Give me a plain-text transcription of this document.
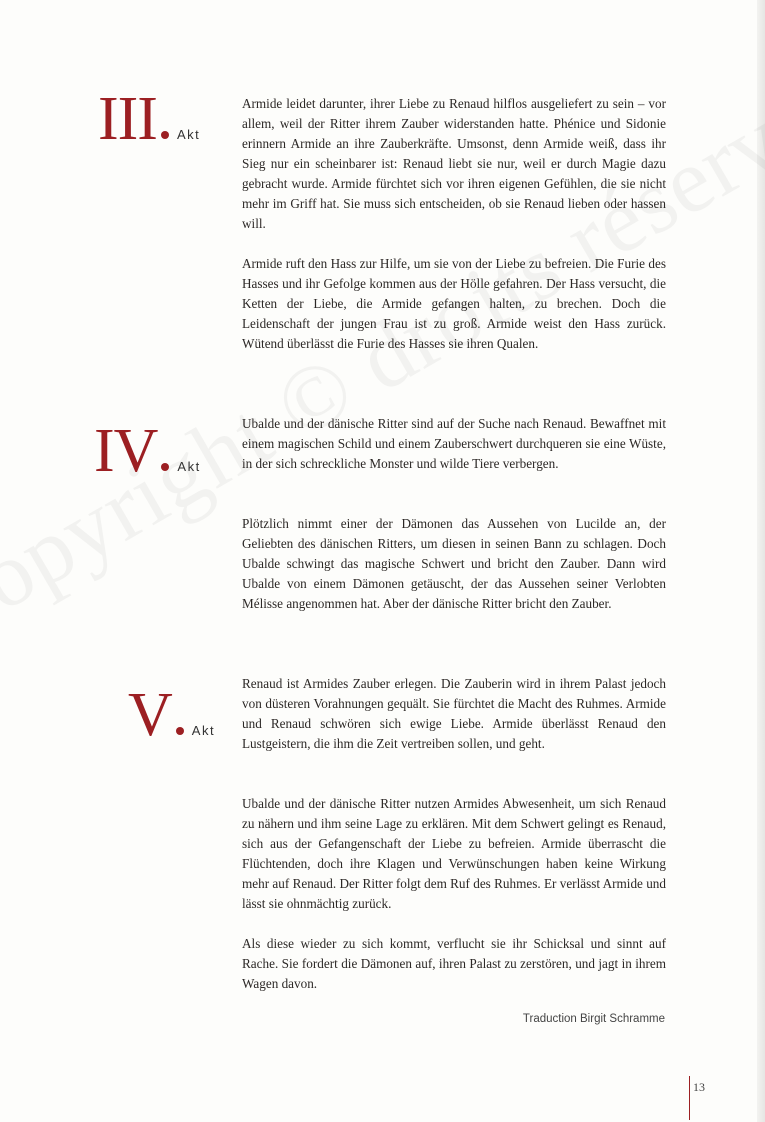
III Akt

Armide leidet darunter, ihrer Liebe zu Renaud hilflos ausgeliefert zu sein – vor allem, weil der Ritter ihrem Zauber widerstanden hatte. Phénice und Sidonie erinnern Armide an ihre Zauberkräfte. Umsonst, denn Armide weiß, dass ihr Sieg nur ein scheinbarer ist: Renaud liebt sie nur, weil er durch Magie dazu gebracht wurde. Armide fürchtet sich vor ihren eigenen Gefühlen, die sie nicht mehr im Griff hat. Sie muss sich entscheiden, ob sie Renaud lieben oder hassen will.

Armide ruft den Hass zur Hilfe, um sie von der Liebe zu befreien. Die Furie des Hasses und ihr Gefolge kommen aus der Hölle gefahren. Der Hass versucht, die Ketten der Liebe, die Armide gefangen halten, zu brechen. Doch die Leidenschaft der jungen Frau ist zu groß. Armide weist den Hass zurück. Wütend überlässt die Furie des Hasses sie ihren Qualen.

IV Akt

Ubalde und der dänische Ritter sind auf der Suche nach Renaud. Bewaffnet mit einem magischen Schild und einem Zauberschwert durchqueren sie eine Wüste, in der sich schreckliche Monster und wilde Tiere verbergen.

Plötzlich nimmt einer der Dämonen das Aussehen von Lucilde an, der Geliebten des dänischen Ritters, um diesen in seinen Bann zu schlagen. Doch Ubalde schwingt das magische Schwert und bricht den Zauber. Dann wird Ubalde von einem Dämonen getäuscht, der das Aussehen seiner Verlobten Mélisse angenommen hat. Aber der dänische Ritter bricht den Zauber.

V Akt

Renaud ist Armides Zauber erlegen. Die Zauberin wird in ihrem Palast jedoch von düsteren Vorahnungen gequält. Sie fürchtet die Macht des Ruhmes. Armide und Renaud schwören sich ewige Liebe. Armide überlässt Renaud den Lustgeistern, die ihm die Zeit vertreiben sollen, und geht.

Ubalde und der dänische Ritter nutzen Armides Abwesenheit, um sich Renaud zu nähern und ihm seine Lage zu erklären. Mit dem Schwert gelingt es Renaud, sich aus der Gefangenschaft der Liebe zu befreien. Armide überrascht die Flüchtenden, doch ihre Klagen und Verwünschungen haben keine Wirkung mehr auf Renaud. Der Ritter folgt dem Ruf des Ruhmes. Er verlässt Armide und lässt sie ohnmächtig zurück.

Als diese wieder zu sich kommt, verflucht sie ihr Schicksal und sinnt auf Rache. Sie fordert die Dämonen auf, ihren Palast zu zerstören, und jagt in ihrem Wagen davon.

Traduction Birgit Schramme
13
